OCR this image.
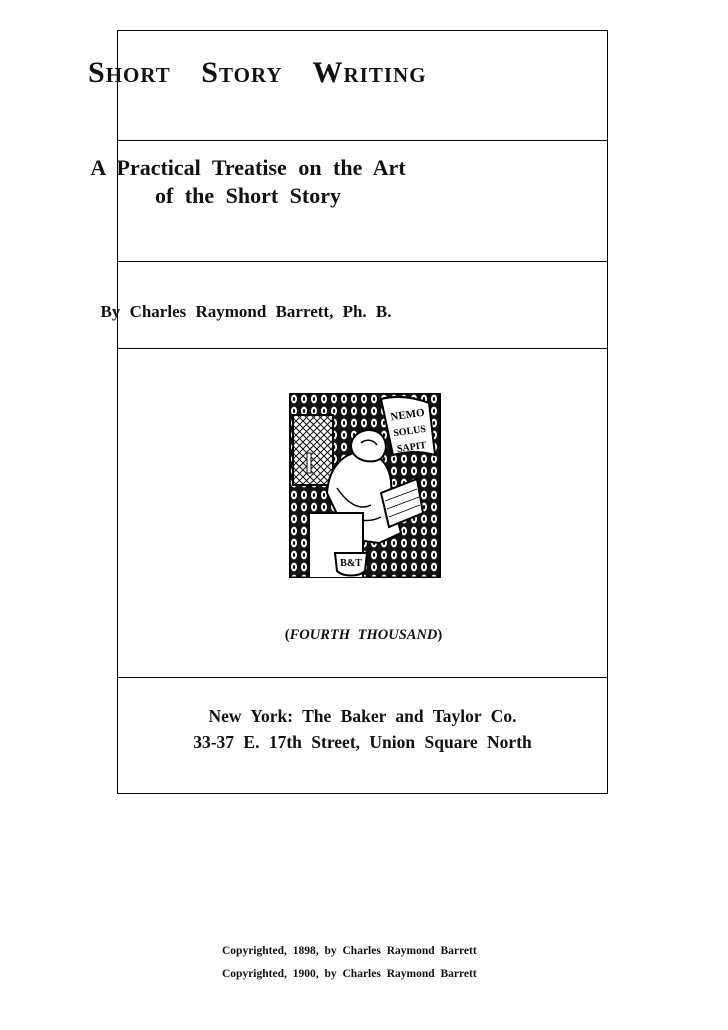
SHORT STORY WRITING
A Practical Treatise on the Art
of the Short Story
By Charles Raymond Barrett, Ph. B.
NEMO
SOLUS
SAPIT
B&T
(FOURTH THOUSAND)
New York: The Baker and Taylor Co.
33-37 E. 17th Street, Union Square North
Copyrighted, 1898, by Charles Raymond Barrett
Copyrighted, 1900, by Charles Raymond Barrett
